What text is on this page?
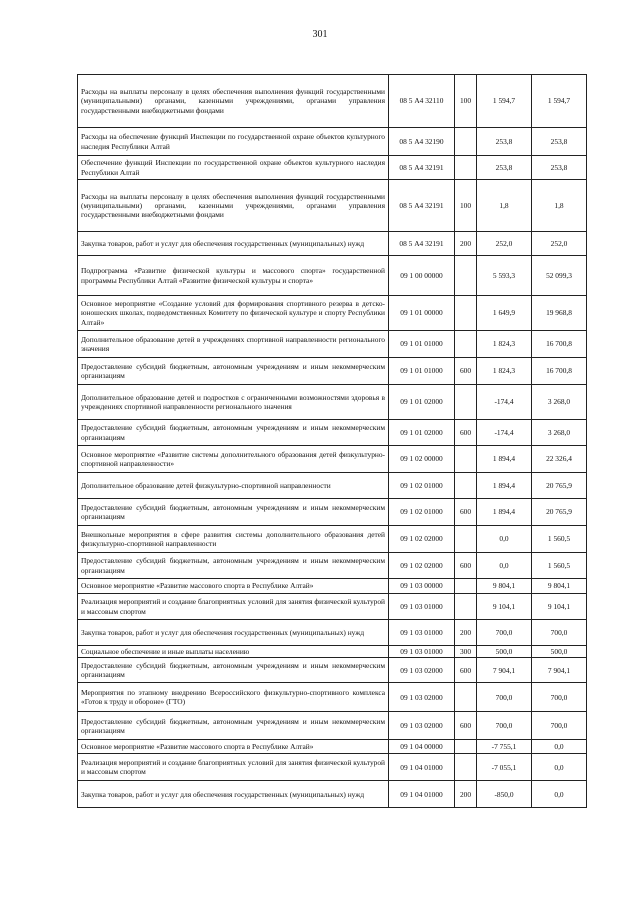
301
Расходы на выплаты персоналу в целях обеспечения выполнения функций государственными (муниципальными) органами, казенными учреждениями, органами управления государственными внебюджетными фондами	08 5 А4 32110	100	1 594,7	1 594,7
Расходы на обеспечение функций Инспекции по государственной охране объектов культурного наследия Республики Алтай	08 5 А4 32190		253,8	253,8
Обеспечение функций Инспекции по государственной охране объектов культурного наследия Республики Алтай	08 5 А4 32191		253,8	253,8
Расходы на выплаты персоналу в целях обеспечения выполнения функций государственными (муниципальными) органами, казенными учреждениями, органами управления государственными внебюджетными фондами	08 5 А4 32191	100	1,8	1,8
Закупка товаров, работ и услуг для обеспечения государственных (муниципальных) нужд	08 5 А4 32191	200	252,0	252,0
Подпрограмма «Развитие физической культуры и массового спорта» государственной программы Республики Алтай «Развитие физической культуры и спорта»	09 1 00 00000		5 593,3	52 099,3
Основное мероприятие «Создание условий для формирования спортивного резерва в детско-юношеских школах, подведомственных Комитету по физической культуре и спорту Республики Алтай»	09 1 01 00000		1 649,9	19 968,8
Дополнительное образование детей в учреждениях спортивной направленности регионального значения	09 1 01 01000		1 824,3	16 700,8
Предоставление субсидий бюджетным, автономным учреждениям и иным некоммерческим организациям	09 1 01 01000	600	1 824,3	16 700,8
Дополнительное образование детей и подростков с ограниченными возможностями здоровья в учреждениях спортивной направленности регионального значения	09 1 01 02000		-174,4	3 268,0
Предоставление субсидий бюджетным, автономным учреждениям и иным некоммерческим организациям	09 1 01 02000	600	-174,4	3 268,0
Основное мероприятие «Развитие системы дополнительного образования детей физкультурно-спортивной направленности»	09 1 02 00000		1 894,4	22 326,4
Дополнительное образование детей физкультурно-спортивной направленности	09 1 02 01000		1 894,4	20 765,9
Предоставление субсидий бюджетным, автономным учреждениям и иным некоммерческим организациям	09 1 02 01000	600	1 894,4	20 765,9
Внешкольные мероприятия в сфере развития системы дополнительного образования детей физкультурно-спортивной направленности	09 1 02 02000		0,0	1 560,5
Предоставление субсидий бюджетным, автономным учреждениям и иным некоммерческим организациям	09 1 02 02000	600	0,0	1 560,5
Основное мероприятие «Развитие массового спорта в Республике Алтай»	09 1 03 00000		9 804,1	9 804,1
Реализация мероприятий и создание благоприятных условий для занятия физической культурой и массовым спортом	09 1 03 01000		9 104,1	9 104,1
Закупка товаров, работ и услуг для обеспечения государственных (муниципальных) нужд	09 1 03 01000	200	700,0	700,0
Социальное обеспечение и иные выплаты населению	09 1 03 01000	300	500,0	500,0
Предоставление субсидий бюджетным, автономным учреждениям и иным некоммерческим организациям	09 1 03 02000	600	7 904,1	7 904,1
Мероприятия по этапному внедрению Всероссийского физкультурно-спортивного комплекса «Готов к труду и обороне» (ГТО)	09 1 03 02000		700,0	700,0
Предоставление субсидий бюджетным, автономным учреждениям и иным некоммерческим организациям	09 1 03 02000	600	700,0	700,0
Основное мероприятие «Развитие массового спорта в Республике Алтай»	09 1 04 00000		-7 755,1	0,0
Реализация мероприятий и создание благоприятных условий для занятия физической культурой и массовым спортом	09 1 04 01000		-7 055,1	0,0
Закупка товаров, работ и услуг для обеспечения государственных (муниципальных) нужд	09 1 04 01000	200	-850,0	0,0
